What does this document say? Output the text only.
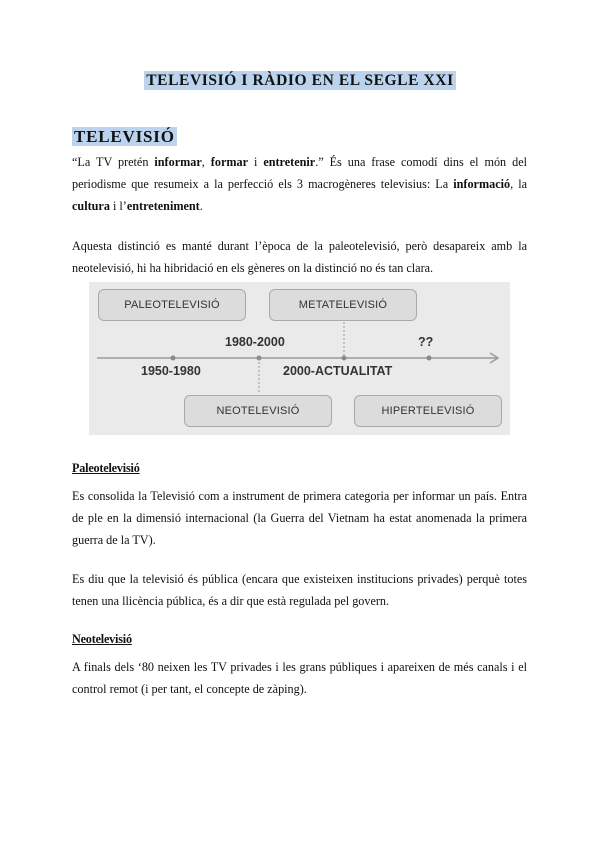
TELEVISIÓ I RÀDIO EN EL SEGLE XXI
TELEVISIÓ

“La TV pretén informar, formar i entretenir.” És una frase comodí dins el món del periodisme que resumeix a la perfecció els 3 macrogèneres televisius: La informació, la cultura i l’entreteniment.

Aquesta distinció es manté durant l’època de la paleotelevisió, però desapareix amb la neotelevisió, hi ha hibridació en els gèneres on la distinció no és tan clara.

PALEOTELEVISIÓ	METATELEVISIÓ
NEOTELEVISIÓ	HIPERTELEVISIÓ
1980-2000	??
1950-1980	2000-ACTUALITAT
Paleotelevisió

Es consolida la Televisió com a instrument de primera categoria per informar un país. Entra de ple en la dimensió internacional (la Guerra del Vietnam ha estat anomenada la primera guerra de la TV).

Es diu que la televisió és pública (encara que existeixen institucions privades) perquè totes tenen una llicència pública, és a dir que està regulada pel govern.

Neotelevisió

A finals dels ‘80 neixen les TV privades i les grans públiques i apareixen de més canals i el control remot (i per tant, el concepte de zàping).
